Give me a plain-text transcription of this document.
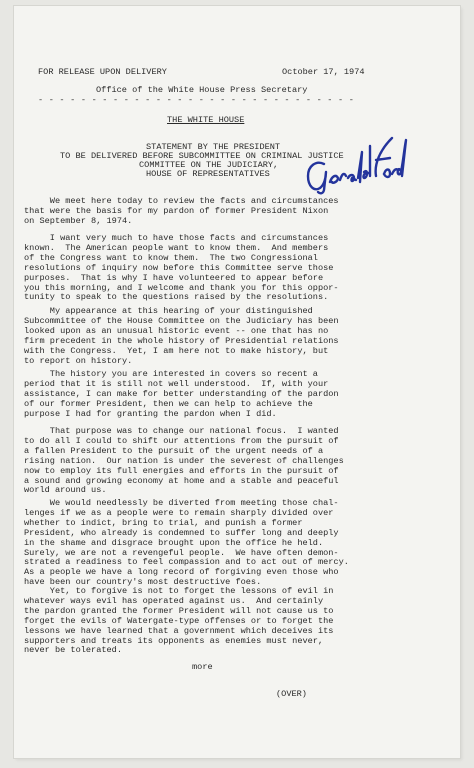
FOR RELEASE UPON DELIVERY	October 17, 1974
Office of the White House Press Secretary
- - - - - - - - - - - - - - - - - - - - - - - - - - - - - -
THE WHITE HOUSE
STATEMENT BY THE PRESIDENT
TO BE DELIVERED BEFORE SUBCOMMITTEE ON CRIMINAL JUSTICE
COMMITTEE ON THE JUDICIARY,
HOUSE OF REPRESENTATIVES
We meet here today to review the facts and circumstances
that were the basis for my pardon of former President Nixon
on September 8, 1974.
I want very much to have those facts and circumstances
known.  The American people want to know them.  And members
of the Congress want to know them.  The two Congressional
resolutions of inquiry now before this Committee serve those
purposes.  That is why I have volunteered to appear before
you this morning, and I welcome and thank you for this oppor-
tunity to speak to the questions raised by the resolutions.
My appearance at this hearing of your distinguished
Subcommittee of the House Committee on the Judiciary has been
looked upon as an unusual historic event -- one that has no
firm precedent in the whole history of Presidential relations
with the Congress.  Yet, I am here not to make history, but
to report on history.
The history you are interested in covers so recent a
period that it is still not well understood.  If, with your
assistance, I can make for better understanding of the pardon
of our former President, then we can help to achieve the
purpose I had for granting the pardon when I did.
That purpose was to change our national focus.  I wanted
to do all I could to shift our attentions from the pursuit of
a fallen President to the pursuit of the urgent needs of a
rising nation.  Our nation is under the severest of challenges
now to employ its full energies and efforts in the pursuit of
a sound and growing economy at home and a stable and peaceful
world around us.
We would needlessly be diverted from meeting those chal-
lenges if we as a people were to remain sharply divided over
whether to indict, bring to trial, and punish a former
President, who already is condemned to suffer long and deeply
in the shame and disgrace brought upon the office he held.
Surely, we are not a revengeful people.  We have often demon-
strated a readiness to feel compassion and to act out of mercy.
As a people we have a long record of forgiving even those who
have been our country's most destructive foes.
Yet, to forgive is not to forget the lessons of evil in
whatever ways evil has operated against us.  And certainly
the pardon granted the former President will not cause us to
forget the evils of Watergate-type offenses or to forget the
lessons we have learned that a government which deceives its
supporters and treats its opponents as enemies must never,
never be tolerated.
more
(OVER)
